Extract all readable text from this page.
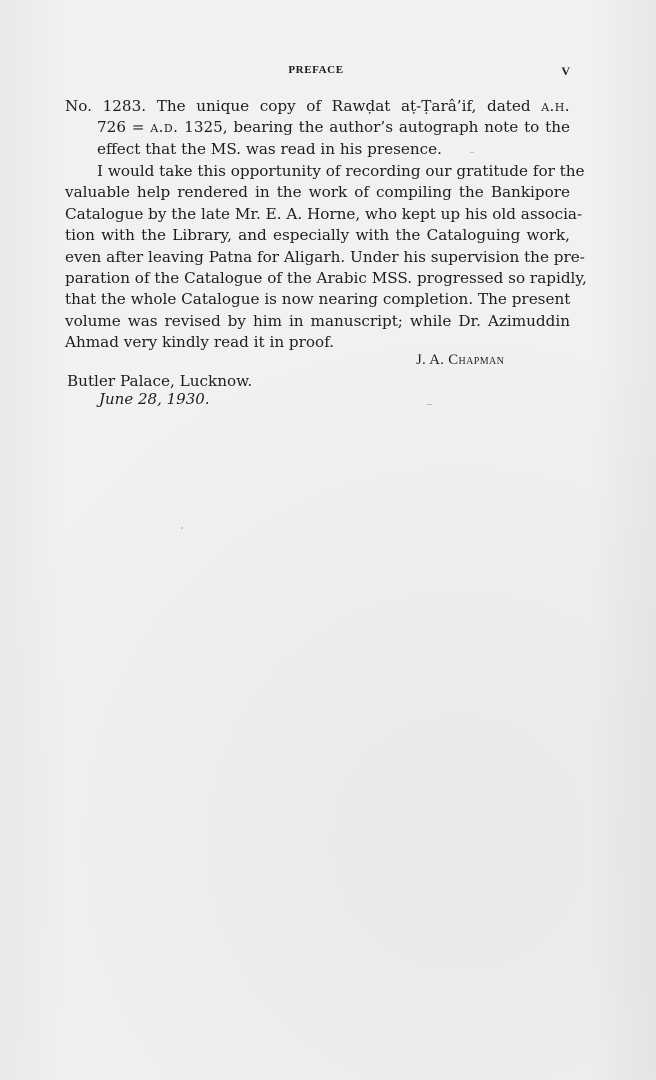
PREFACE	V
No. 1283. The unique copy of Rawḍat aṭ-Ṭarâ’if, dated a.h.
726 = a.d. 1325, bearing the author’s autograph note to the
effect that the MS. was read in his presence.
I would take this opportunity of recording our gratitude for the
valuable help rendered in the work of compiling the Bankipore
Catalogue by the late Mr. E. A. Horne, who kept up his old associa-
tion with the Library, and especially with the Cataloguing work,
even after leaving Patna for Aligarh. Under his supervision the pre-
paration of the Catalogue of the Arabic MSS. progressed so rapidly,
that the whole Catalogue is now nearing completion. The present
volume was revised by him in manuscript; while Dr. Azimuddin
Ahmad very kindly read it in proof.
J. A. Chapman
Butler Palace, Lucknow.
June 28, 1930.
